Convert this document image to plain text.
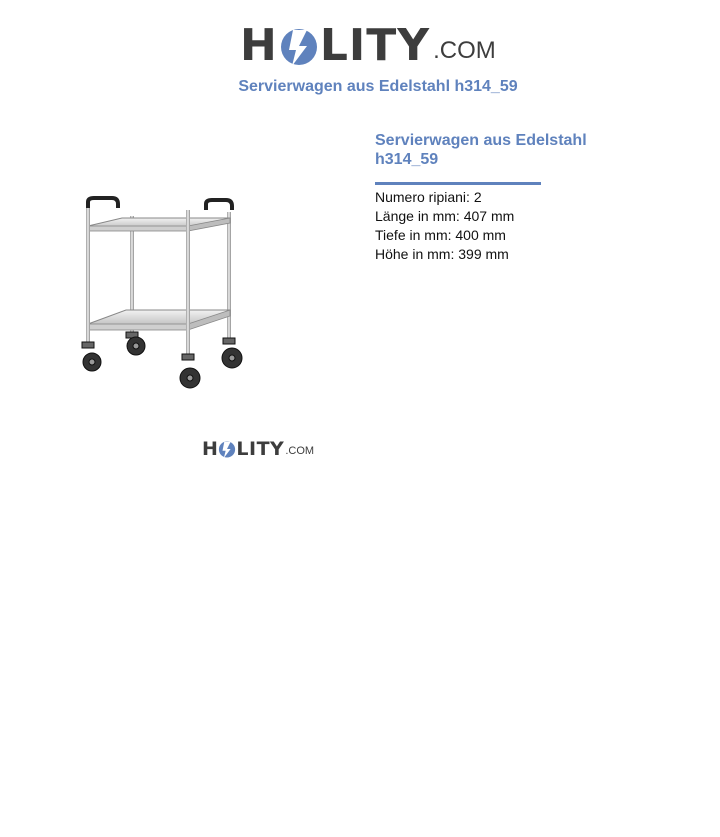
H LITY .COM
Servierwagen aus Edelstahl h314_59
H LITY .COM
Servierwagen aus Edelstahl h314_59
Numero ripiani: 2
Länge in mm: 407 mm
Tiefe in mm: 400 mm
Höhe in mm: 399 mm
